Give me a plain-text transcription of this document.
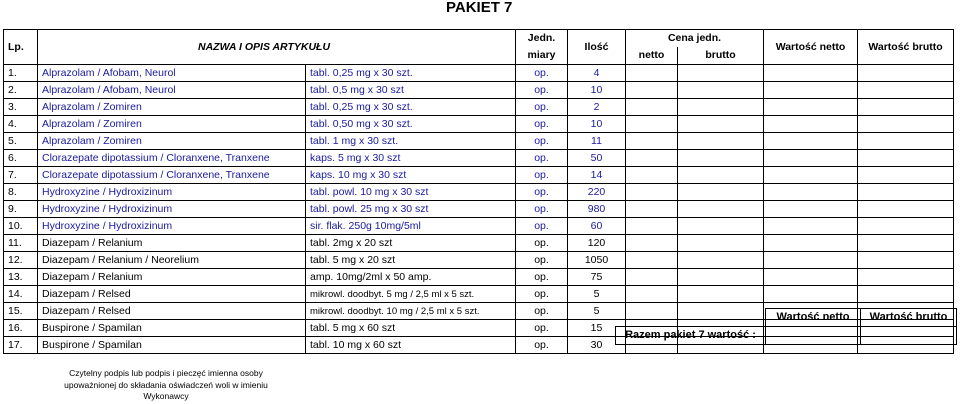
PAKIET 7
Lp.	NAZWA I OPIS ARTYKUŁU		Jedn.	Ilość	Cena jedn.		Wartość netto	Wartość brutto
			miary		netto	brutto		
1.	Alprazolam / Afobam, Neurol	tabl. 0,25 mg x 30 szt.	op.	4				
2.	Alprazolam / Afobam, Neurol	tabl. 0,5 mg x 30 szt	op.	10				
3.	Alprazolam / Zomiren	tabl. 0,25 mg x 30 szt.	op.	2				
4.	Alprazolam / Zomiren	tabl. 0,50 mg x 30 szt.	op.	10				
5.	Alprazolam / Zomiren	tabl. 1 mg x 30 szt.	op.	11				
6.	Clorazepate dipotassium / Cloranxene, Tranxene	kaps. 5 mg x 30 szt	op.	50				
7.	Clorazepate dipotassium / Cloranxene, Tranxene	kaps. 10 mg x 30 szt	op.	14				
8.	Hydroxyzine / Hydroxizinum	tabl. powl. 10 mg x 30 szt	op.	220				
9.	Hydroxyzine / Hydroxizinum	tabl. powl. 25 mg x 30 szt	op.	980				
10.	Hydroxyzine / Hydroxizinum	sir. flak. 250g 10mg/5ml	op.	60				
11.	Diazepam / Relanium	tabl. 2mg x 20 szt	op.	120				
12.	Diazepam / Relanium / Neorelium	tabl. 5 mg x 20 szt	op.	1050				
13.	Diazepam / Relanium	amp. 10mg/2ml x 50 amp.	op.	75				
14.	Diazepam / Relsed	mikrowl. doodbyt. 5 mg / 2,5 ml x 5 szt.	op.	5				
15.	Diazepam / Relsed	mikrowl. doodbyt. 10 mg / 2,5 ml x 5 szt.	op.	5				
16.	Buspirone / Spamilan	tabl. 5 mg x 60 szt	op.	15				
17.	Buspirone / Spamilan	tabl. 10 mg x 60 szt	op.	30				
Wartość netto	Wartość brutto
Razem pakiet 7 wartość :
Czytelny podpis lub podpis i pieczęć imienna osoby
upoważnionej do składania oświadczeń woli w imieniu
Wykonawcy
